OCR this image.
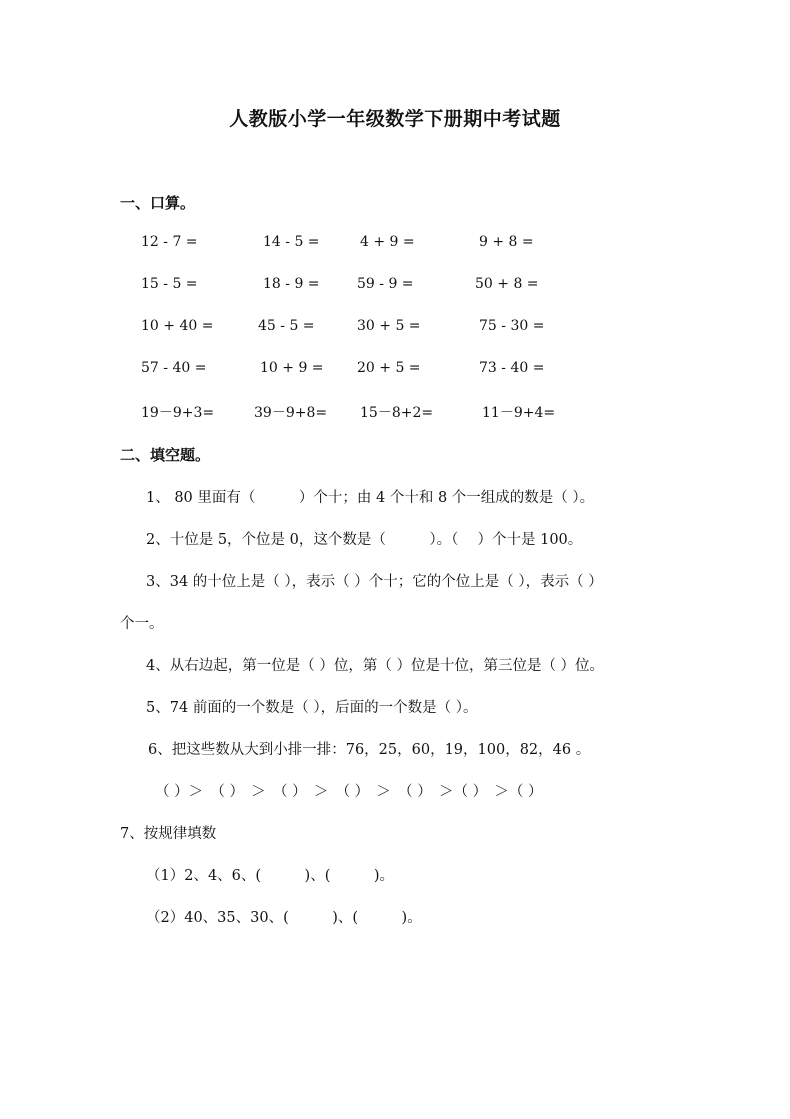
人教版小学一年级数学下册期中考试题
一、口算。
12 - 7 =	14 - 5 =	4 + 9 =	9 + 8 =
15 - 5 =	18 - 9 =	59 - 9 =	50 + 8 =
10 + 40 =	45 - 5 =	30 + 5 =	75 - 30 =
57 - 40 =	10 + 9 = 20 + 5 =	73 - 40 =
19－9+3=	39－9+8= 15－8+2=	11－9+4=
二、填空题。
1、 80 里面有（　　　）个十；由 4 个十和 8 个一组成的数是（ ）。
2、十位是 5，个位是 0，这个数是（　　　）。（　 ）个十是 100。
3、34 的十位上是（ ），表示（ ）个十；它的个位上是（ ），表示（ ）
个一。
4、从右边起，第一位是（ ）位，第（ ）位是十位，第三位是（ ）位。
5、74 前面的一个数是（ ），后面的一个数是（ ）。
6、把这些数从大到小排一排：76，25，60，19，100，82，46 。
（ ）＞　（ ）　＞　（ ）　＞　（ ）　＞　（ ）　＞（ ）　＞（ ）
7、按规律填数
（1）2、4、6、(　　　)、(　　　)。
（2）40、35、30、(　　　)、(　　　)。
